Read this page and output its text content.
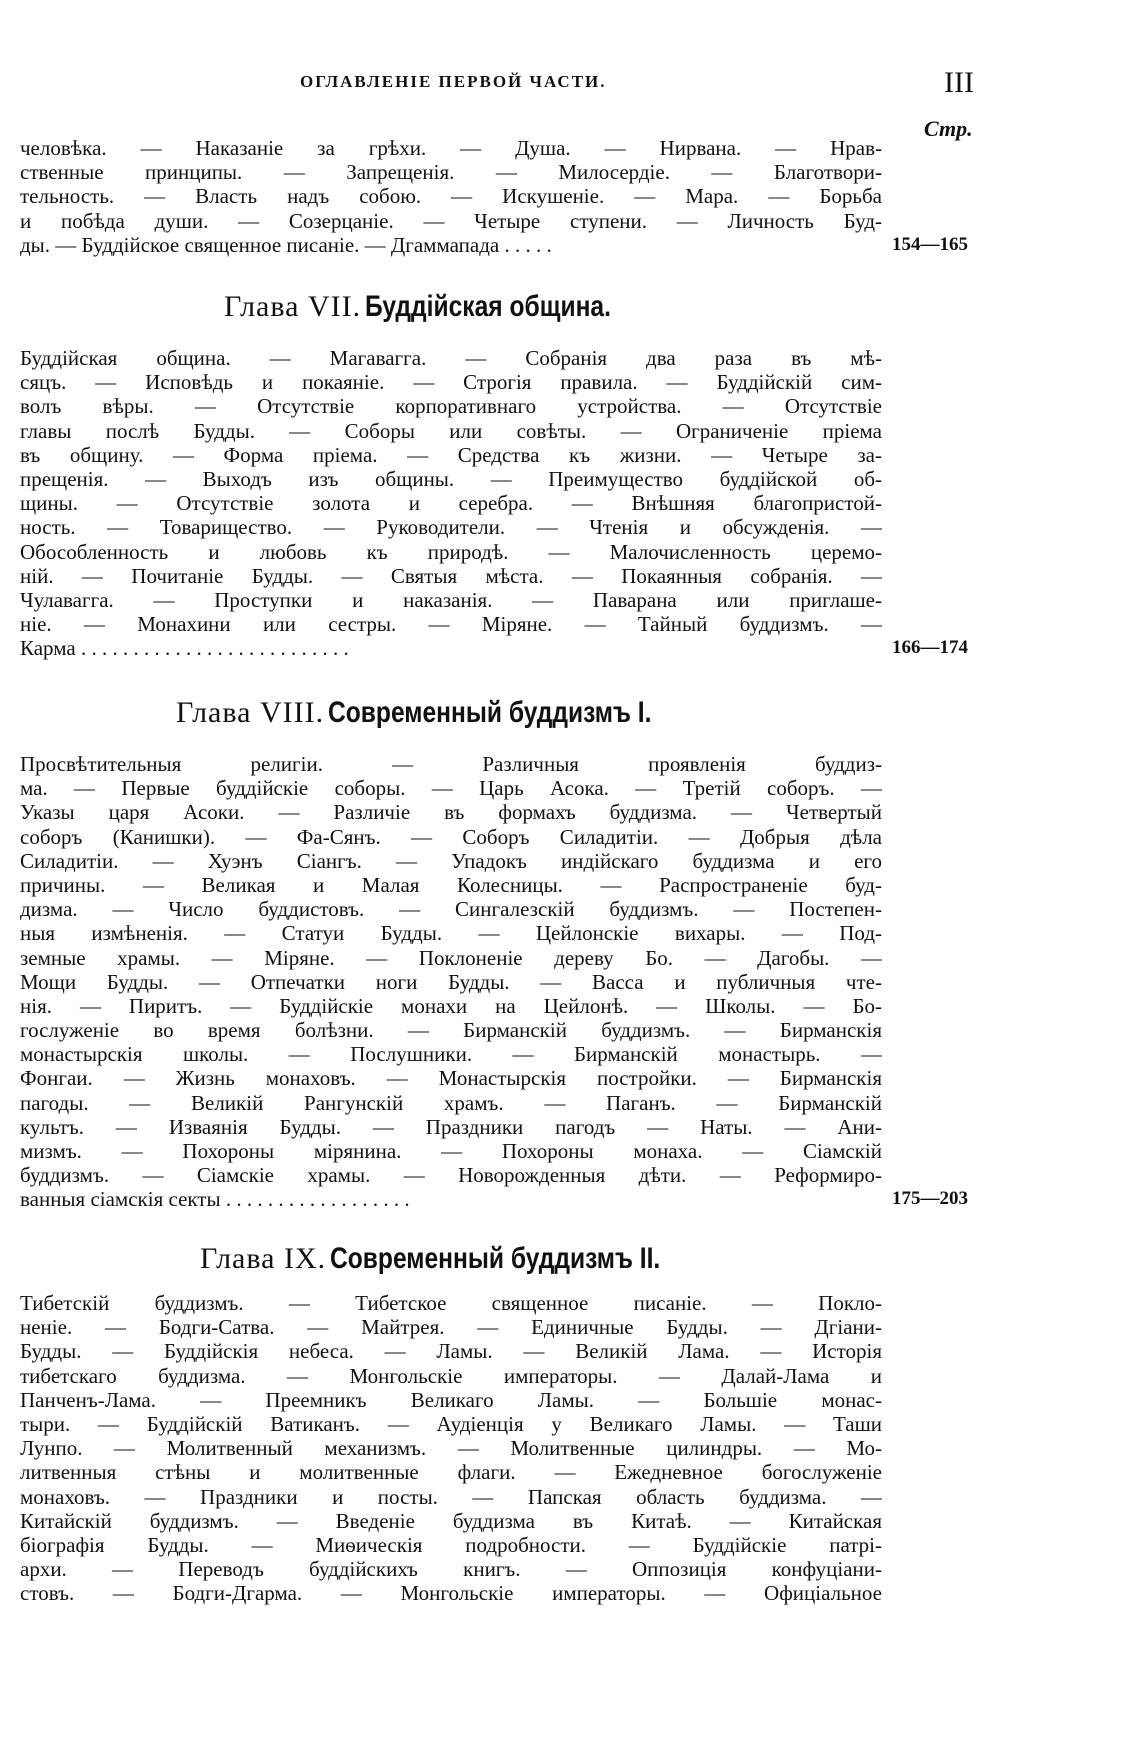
ОГЛАВЛЕНІЕ ПЕРВОЙ ЧАСТИ.	III
Стр.
человѣка. — Наказаніе за грѣхи. — Душа. — Нирвана. — Нрав-
ственные принципы. — Запрещенія. — Милосердіе. — Благотвори-
тельность. — Власть надъ собою. — Искушеніе. — Мара. — Борьба
и побѣда души. — Созерцаніе. — Четыре ступени. — Личность Буд-
ды. — Буддійское священное писаніе. — Дгаммапада . . . . .	154—165
Глава VII. Буддійская община.
Буддійская община. — Магавагга. — Собранія два раза въ мѣ-
сяцъ. — Исповѣдь и покаяніе. — Строгія правила. — Буддійскій сим-
волъ вѣры. — Отсутствіе корпоративнаго устройства. — Отсутствіе
главы послѣ Будды. — Соборы или совѣты. — Ограниченіе пріема
въ общину. — Форма пріема. — Средства къ жизни. — Четыре за-
прещенія. — Выходъ изъ общины. — Преимущество буддійской об-
щины. — Отсутствіе золота и серебра. — Внѣшняя благопристой-
ность. — Товарищество. — Руководители. — Чтенія и обсужденія. —
Обособленность и любовь къ природѣ. — Малочисленность церемо-
ній. — Почитаніе Будды. — Святыя мѣста. — Покаянныя собранія. —
Чулавагга. — Проступки и наказанія. — Паварана или приглаше-
ніе. — Монахини или сестры. — Міряне. — Тайный буддизмъ. —
Карма . . . . . . . . . . . . . . . . . . . . . . . . . .	166—174
Глава VIII. Современный буддизмъ I.
Просвѣтительныя религіи. — Различныя проявленія буддиз-
ма. — Первые буддійскіе соборы. — Царь Асока. — Третій соборъ. —
Указы царя Асоки. — Различіе въ формахъ буддизма. — Четвертый
соборъ (Канишки). — Фа-Сянъ. — Соборъ Силадитіи. — Добрыя дѣла
Силадитіи. — Хуэнъ Сіангъ. — Упадокъ индійскаго буддизма и его
причины. — Великая и Малая Колесницы. — Распространеніе буд-
дизма. — Число буддистовъ. — Сингалезскій буддизмъ. — Постепен-
ныя измѣненія. — Статуи Будды. — Цейлонскіе вихары. — Под-
земные храмы. — Міряне. — Поклоненіе дереву Бо. — Дагобы. —
Мощи Будды. — Отпечатки ноги Будды. — Васса и публичныя чте-
нія. — Пиритъ. — Буддійскіе монахи на Цейлонѣ. — Школы. — Бо-
гослуженіе во время болѣзни. — Бирманскій буддизмъ. — Бирманскія
монастырскія школы. — Послушники. — Бирманскій монастырь. —
Фонгаи. — Жизнь монаховъ. — Монастырскія постройки. — Бирманскія
пагоды. — Великій Рангунскій храмъ. — Паганъ. — Бирманскій
культъ. — Изваянія Будды. — Праздники пагодъ — Наты. — Ани-
мизмъ. — Похороны мірянина. — Похороны монаха. — Сіамскій
буддизмъ. — Сіамскіе храмы. — Новорожденныя дѣти. — Реформиро-
ванныя сіамскія секты . . . . . . . . . . . . . . . . . .	175—203
Глава IX. Современный буддизмъ II.
Тибетскій буддизмъ. — Тибетское священное писаніе. — Покло-
неніе. — Бодги-Сатва. — Майтрея. — Единичные Будды. — Дгіани-
Будды. — Буддійскія небеса. — Ламы. — Великій Лама. — Исторія
тибетскаго буддизма. — Монгольскіе императоры. — Далай-Лама и
Панченъ-Лама. — Преемникъ Великаго Ламы. — Большіе монас-
тыри. — Буддійскій Ватиканъ. — Аудіенція у Великаго Ламы. — Таши
Лунпо. — Молитвенный механизмъ. — Молитвенные цилиндры. — Мо-
литвенныя стѣны и молитвенные флаги. — Ежедневное богослуженіе
монаховъ. — Праздники и посты. — Папская область буддизма. —
Китайскій буддизмъ. — Введеніе буддизма въ Китаѣ. — Китайская
біографія Будды. — Миѳическія подробности. — Буддійскіе патрі-
архи. — Переводъ буддійскихъ книгъ. — Оппозиція конфуціани-
стовъ. — Бодги-Дгарма. — Монгольскіе императоры. — Офиціальное
